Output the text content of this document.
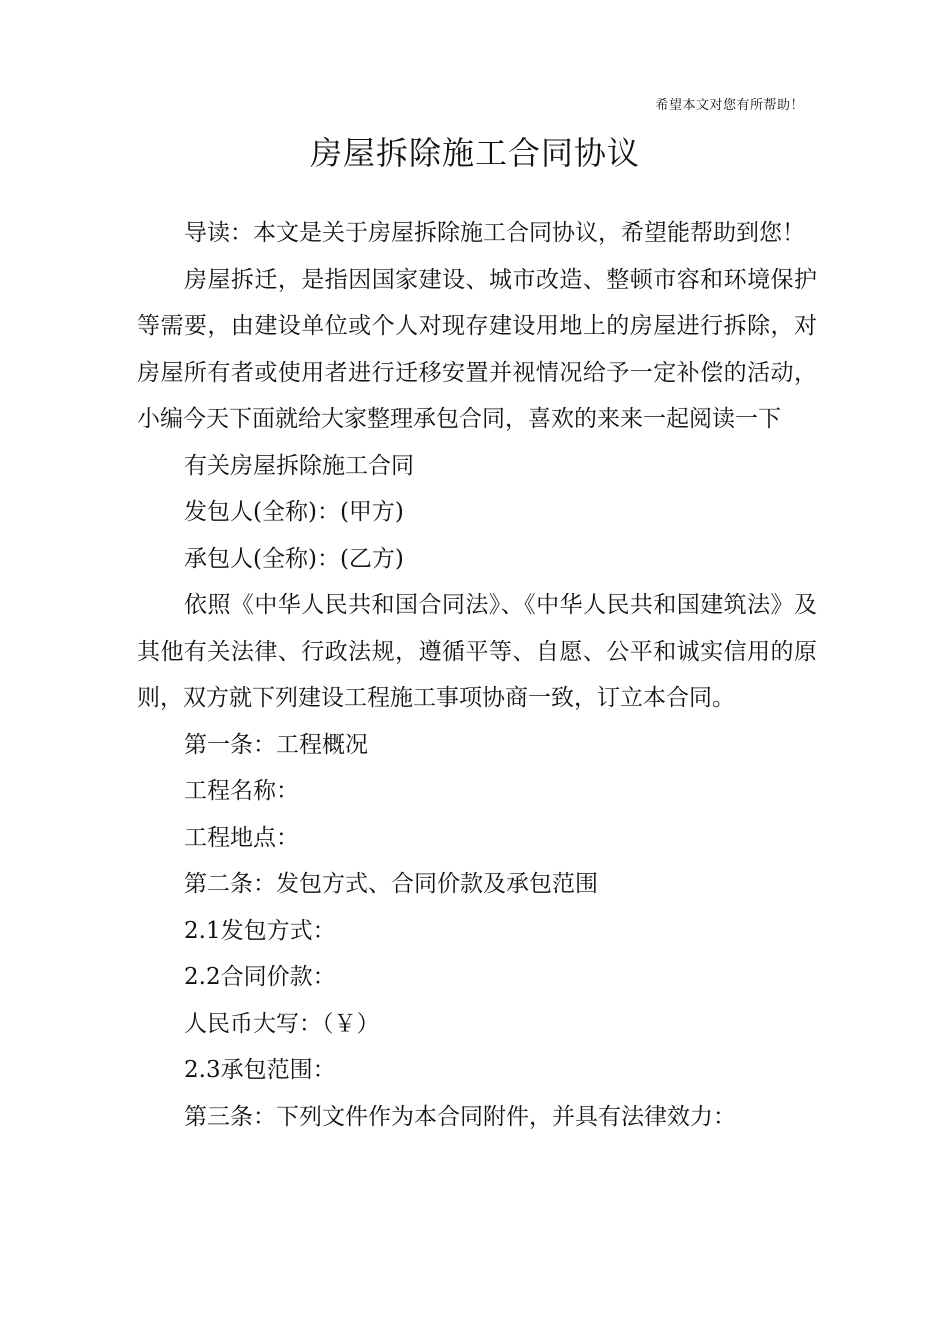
希望本文对您有所帮助！
房屋拆除施工合同协议

导读：本文是关于房屋拆除施工合同协议，希望能帮助到您！

房屋拆迁，是指因国家建设、城市改造、整顿市容和环境保护等需要，由建设单位或个人对现存建设用地上的房屋进行拆除，对房屋所有者或使用者进行迁移安置并视情况给予一定补偿的活动，小编今天下面就给大家整理承包合同，喜欢的来来一起阅读一下

有关房屋拆除施工合同

发包人(全称)：(甲方)

承包人(全称)：(乙方)

依照《中华人民共和国合同法》、《中华人民共和国建筑法》及其他有关法律、行政法规，遵循平等、自愿、公平和诚实信用的原则，双方就下列建设工程施工事项协商一致，订立本合同。

第一条：工程概况

工程名称：

工程地点：

第二条：发包方式、合同价款及承包范围

2.1发包方式：

2.2合同价款：

人民币大写：（￥）

2.3承包范围：

第三条：下列文件作为本合同附件，并具有法律效力：
